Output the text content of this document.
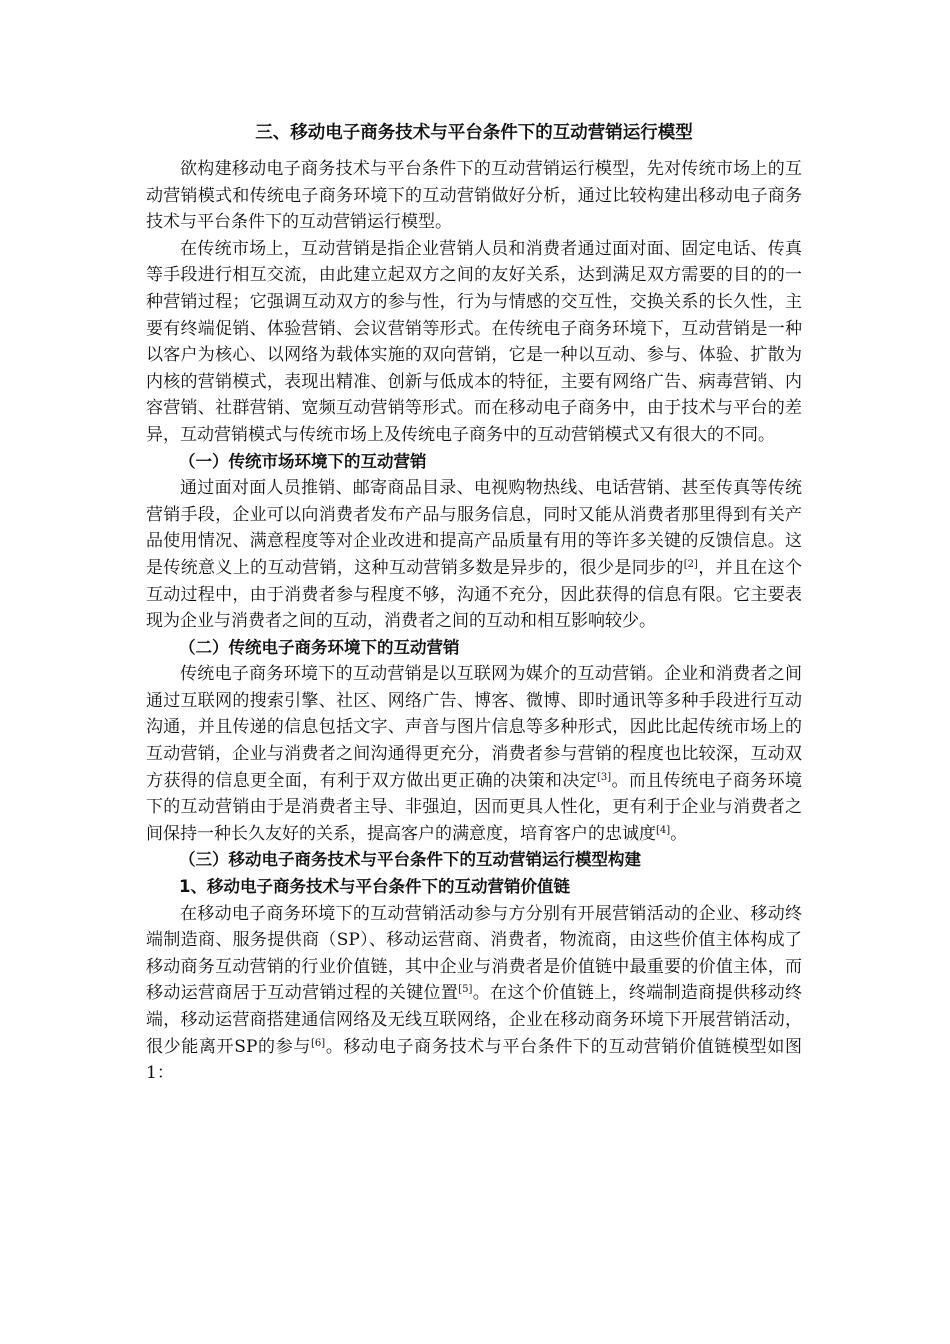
三、移动电子商务技术与平台条件下的互动营销运行模型

欲构建移动电子商务技术与平台条件下的互动营销运行模型，先对传统市场上的互动营销模式和传统电子商务环境下的互动营销做好分析，通过比较构建出移动电子商务技术与平台条件下的互动营销运行模型。

在传统市场上，互动营销是指企业营销人员和消费者通过面对面、固定电话、传真等手段进行相互交流，由此建立起双方之间的友好关系，达到满足双方需要的目的的一种营销过程；它强调互动双方的参与性，行为与情感的交互性，交换关系的长久性，主要有终端促销、体验营销、会议营销等形式。在传统电子商务环境下，互动营销是一种以客户为核心、以网络为载体实施的双向营销，它是一种以互动、参与、体验、扩散为内核的营销模式，表现出精准、创新与低成本的特征，主要有网络广告、病毒营销、内容营销、社群营销、宽频互动营销等形式。而在移动电子商务中，由于技术与平台的差异，互动营销模式与传统市场上及传统电子商务中的互动营销模式又有很大的不同。

（一）传统市场环境下的互动营销

通过面对面人员推销、邮寄商品目录、电视购物热线、电话营销、甚至传真等传统营销手段，企业可以向消费者发布产品与服务信息，同时又能从消费者那里得到有关产品使用情况、满意程度等对企业改进和提高产品质量有用的等许多关键的反馈信息。这是传统意义上的互动营销，这种互动营销多数是异步的，很少是同步的[2]，并且在这个互动过程中，由于消费者参与程度不够，沟通不充分，因此获得的信息有限。它主要表现为企业与消费者之间的互动，消费者之间的互动和相互影响较少。

（二）传统电子商务环境下的互动营销

传统电子商务环境下的互动营销是以互联网为媒介的互动营销。企业和消费者之间通过互联网的搜索引擎、社区、网络广告、博客、微博、即时通讯等多种手段进行互动沟通，并且传递的信息包括文字、声音与图片信息等多种形式，因此比起传统市场上的互动营销，企业与消费者之间沟通得更充分，消费者参与营销的程度也比较深，互动双方获得的信息更全面，有利于双方做出更正确的决策和决定[3]。而且传统电子商务环境下的互动营销由于是消费者主导、非强迫，因而更具人性化，更有利于企业与消费者之间保持一种长久友好的关系，提高客户的满意度，培育客户的忠诚度[4]。

（三）移动电子商务技术与平台条件下的互动营销运行模型构建
1、移动电子商务技术与平台条件下的互动营销价值链

在移动电子商务环境下的互动营销活动参与方分别有开展营销活动的企业、移动终端制造商、服务提供商（SP）、移动运营商、消费者，物流商，由这些价值主体构成了移动商务互动营销的行业价值链，其中企业与消费者是价值链中最重要的价值主体，而移动运营商居于互动营销过程的关键位置[5]。在这个价值链上，终端制造商提供移动终端，移动运营商搭建通信网络及无线互联网络，企业在移动商务环境下开展营销活动，很少能离开SP的参与[6]。移动电子商务技术与平台条件下的互动营销价值链模型如图1：
